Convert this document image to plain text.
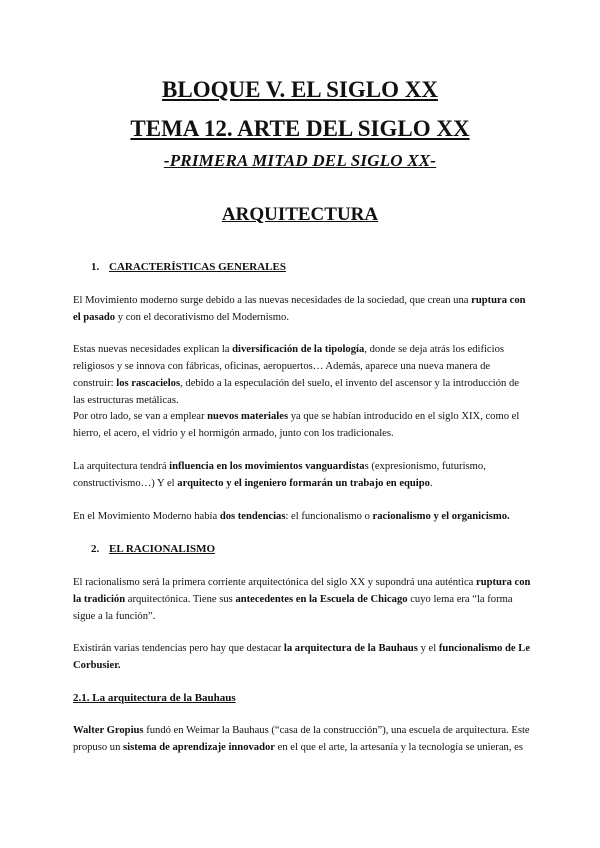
BLOQUE V. EL SIGLO XX
TEMA 12. ARTE DEL SIGLO XX
-PRIMERA MITAD DEL SIGLO XX-
ARQUITECTURA
1. CARACTERÍSTICAS GENERALES

El Movimiento moderno surge debido a las nuevas necesidades de la sociedad, que crean una ruptura con el pasado y con el decorativismo del Modernismo.

Estas nuevas necesidades explican la diversificación de la tipología, donde se deja atrás los edificios religiosos y se innova con fábricas, oficinas, aeropuertos… Además, aparece una nueva manera de construir: los rascacielos, debido a la especulación del suelo, el invento del ascensor y la introducción de las estructuras metálicas.

Por otro lado, se van a emplear nuevos materiales ya que se habían introducido en el siglo XIX, como el hierro, el acero, el vidrio y el hormigón armado, junto con los tradicionales.

La arquitectura tendrá influencia en los movimientos vanguardistas (expresionismo, futurismo, constructivismo…) Y el arquitecto y el ingeniero formarán un trabajo en equipo.

En el Movimiento Moderno había dos tendencias: el funcionalismo o racionalismo y el organicismo.

2. EL RACIONALISMO

El racionalismo será la primera corriente arquitectónica del siglo XX y supondrá una auténtica ruptura con la tradición arquitectónica. Tiene sus antecedentes en la Escuela de Chicago cuyo lema era “la forma sigue a la función”.

Existirán varias tendencias pero hay que destacar la arquitectura de la Bauhaus y el funcionalismo de Le Corbusier.

2.1. La arquitectura de la Bauhaus

Walter Gropius fundó en Weimar la Bauhaus (“casa de la construcción”), una escuela de arquitectura. Este propuso un sistema de aprendizaje innovador en el que el arte, la artesanía y la tecnología se unieran, es
